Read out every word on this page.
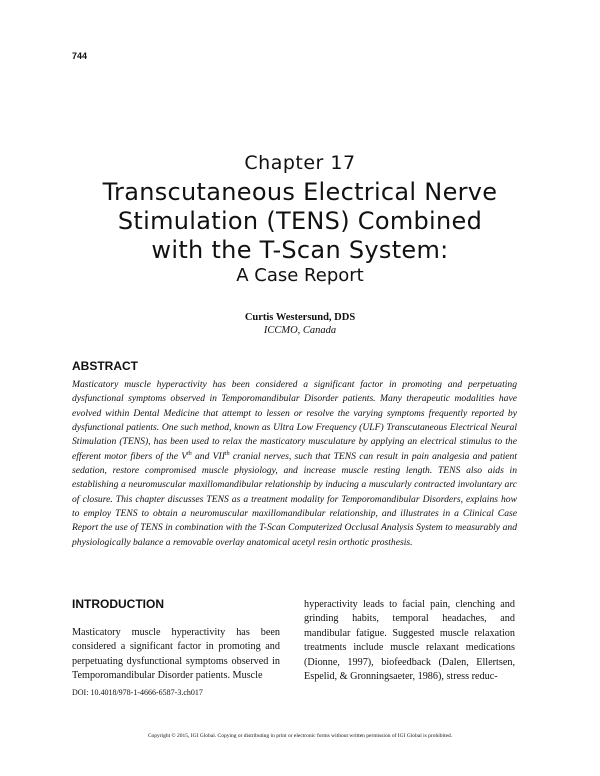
744
Chapter 17
Transcutaneous Electrical Nerve
Stimulation (TENS) Combined
with the T-Scan System:
A Case Report
Curtis Westersund, DDS
ICCMO, Canada
ABSTRACT
Masticatory muscle hyperactivity has been considered a significant factor in promoting and perpetuating dysfunctional symptoms observed in Temporomandibular Disorder patients. Many therapeutic modalities have evolved within Dental Medicine that attempt to lessen or resolve the varying symptoms frequently reported by dysfunctional patients. One such method, known as Ultra Low Frequency (ULF) Transcutaneous Electrical Neural Stimulation (TENS), has been used to relax the masticatory musculature by applying an electrical stimulus to the efferent motor fibers of the Vth and VIIth cranial nerves, such that TENS can result in pain analgesia and patient sedation, restore compromised muscle physiology, and increase muscle resting length. TENS also aids in establishing a neuromuscular maxillomandibular relationship by inducing a muscularly contracted involuntary arc of closure. This chapter discusses TENS as a treatment modality for Temporomandibular Disorders, explains how to employ TENS to obtain a neuromuscular maxillomandibular relationship, and illustrates in a Clinical Case Report the use of TENS in combination with the T-Scan Computerized Occlusal Analysis System to measurably and physiologically balance a removable overlay anatomical acetyl resin orthotic prosthesis.
INTRODUCTION
Masticatory muscle hyperactivity has been considered a significant factor in promoting and perpetuating dysfunctional symptoms observed in Temporomandibular Disorder patients. Muscle
hyperactivity leads to facial pain, clenching and grinding habits, temporal headaches, and mandibular fatigue. Suggested muscle relaxation treatments include muscle relaxant medications (Dionne, 1997), biofeedback (Dalen, Ellertsen, Espelid, & Gronningsaeter, 1986), stress reduc-
DOI: 10.4018/978-1-4666-6587-3.ch017
Copyright © 2015, IGI Global. Copying or distributing in print or electronic forms without written permission of IGI Global is prohibited.
